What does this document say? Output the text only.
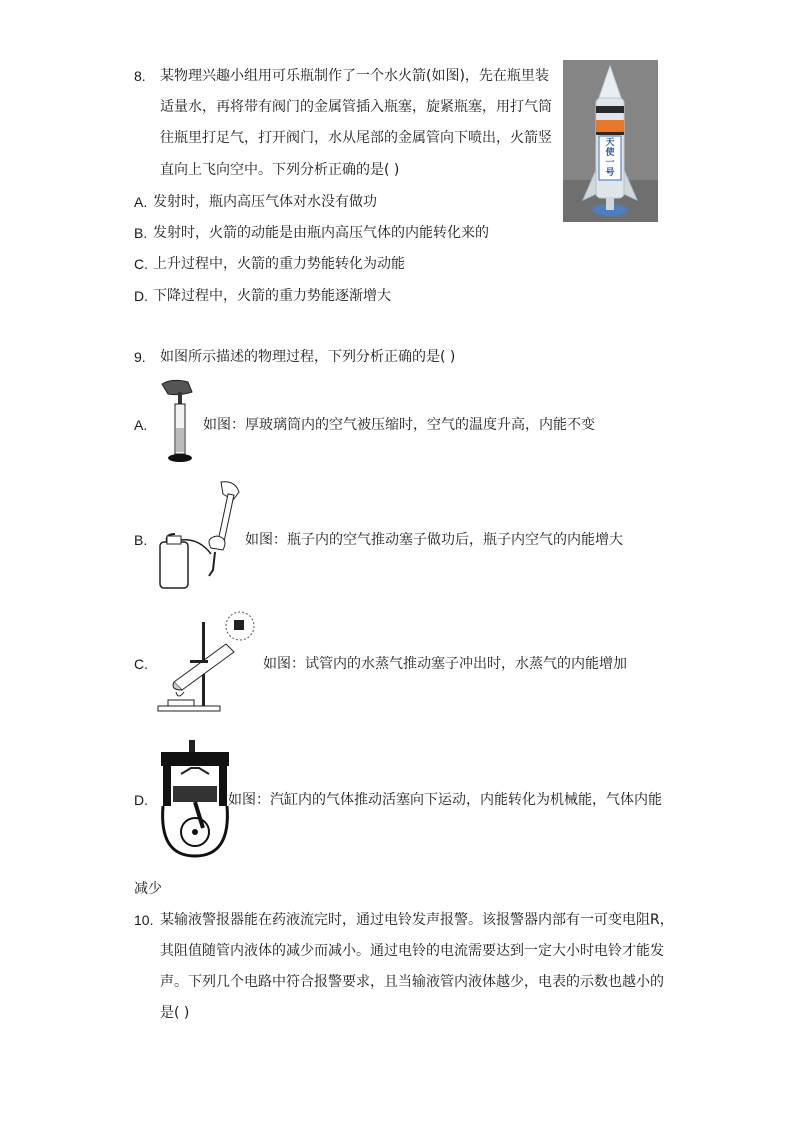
8. 某物理兴趣小组用可乐瓶制作了一个水火箭(如图)，先在瓶里装
适量水，再将带有阀门的金属管插入瓶塞，旋紧瓶塞，用打气筒
往瓶里打足气，打开阀门，水从尾部的金属管向下喷出，火箭竖
直向上飞向空中。下列分析正确的是( )
天
使
一
号
A. 发射时，瓶内高压气体对水没有做功
B. 发射时，火箭的动能是由瓶内高压气体的内能转化来的
C. 上升过程中，火箭的重力势能转化为动能
D. 下降过程中，火箭的重力势能逐渐增大
9. 如图所示描述的物理过程，下列分析正确的是( )
A.	如图：厚玻璃筒内的空气被压缩时，空气的温度升高，内能不变
B.	如图：瓶子内的空气推动塞子做功后，瓶子内空气的内能增大
C.	如图：试管内的水蒸气推动塞子冲出时，水蒸气的内能增加
D.	如图：汽缸内的气体推动活塞向下运动，内能转化为机械能，气体内能
减少
10. 某输液警报器能在药液流完时，通过电铃发声报警。该报警器内部有一可变电阻R，
其阻值随管内液体的减少而减小。通过电铃的电流需要达到一定大小时电铃才能发
声。下列几个电路中符合报警要求，且当输液管内液体越少，电表的示数也越小的
是( )
